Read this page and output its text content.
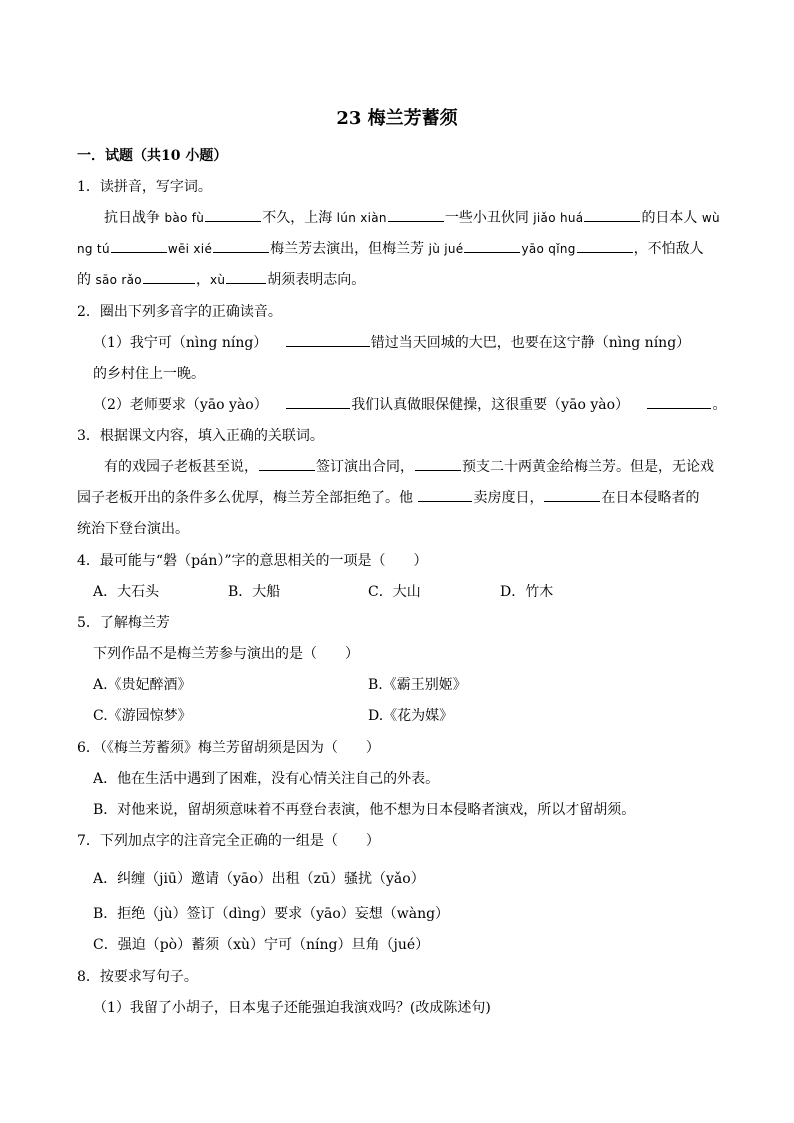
23 梅兰芳蓄须
一．试题（共10 小题）
1．读拼音，写字词。
抗日战争 bào fù	不久，上海 lún xiàn	一些小丑伙同 jiǎo huá	的日本人 wù
ng tú	wēi xié	梅兰芳去演出，但梅兰芳 jù jué	yāo qǐng	，不怕敌人
的 sāo rǎo	，xù	胡须表明志向。
2．圈出下列多音字的正确读音。
（1）我宁可（nìng níng）	错过当天回城的大巴，也要在这宁静（nìng níng）
的乡村住上一晚。
（2）老师要求（yāo yào）	我们认真做眼保健操，这很重要（yāo yào）	。
3．根据课文内容，填入正确的关联词。
有的戏园子老板甚至说，	签订演出合同，	预支二十两黄金给梅兰芳。但是，无论戏
园子老板开出的条件多么优厚，梅兰芳全部拒绝了。他	卖房度日，	在日本侵略者的
统治下登台演出。
4．最可能与“磐（pán）”字的意思相关的一项是（　　）
A．大石头	B．大船	C．大山	D．竹木
5．了解梅兰芳
下列作品不是梅兰芳参与演出的是（　　）
A.《贵妃醉酒》	B.《霸王别姬》
C.《游园惊梦》	D.《花为媒》
6．（《梅兰芳蓄须》梅兰芳留胡须是因为（　　）
A．他在生活中遇到了困难，没有心情关注自己的外表。
B．对他来说，留胡须意味着不再登台表演，他不想为日本侵略者演戏，所以才留胡须。
7．下列加点字的注音完全正确的一组是（　　）
A．纠缠（jiū）邀请（yāo）出租（zū）骚扰（yǎo）
B．拒绝（jù）签订（dìng）要求（yāo）妄想（wàng）
C．强迫（pò）蓄须（xù）宁可（níng）旦角（jué）
8．按要求写句子。
（1）我留了小胡子，日本鬼子还能强迫我演戏吗？(改成陈述句)
